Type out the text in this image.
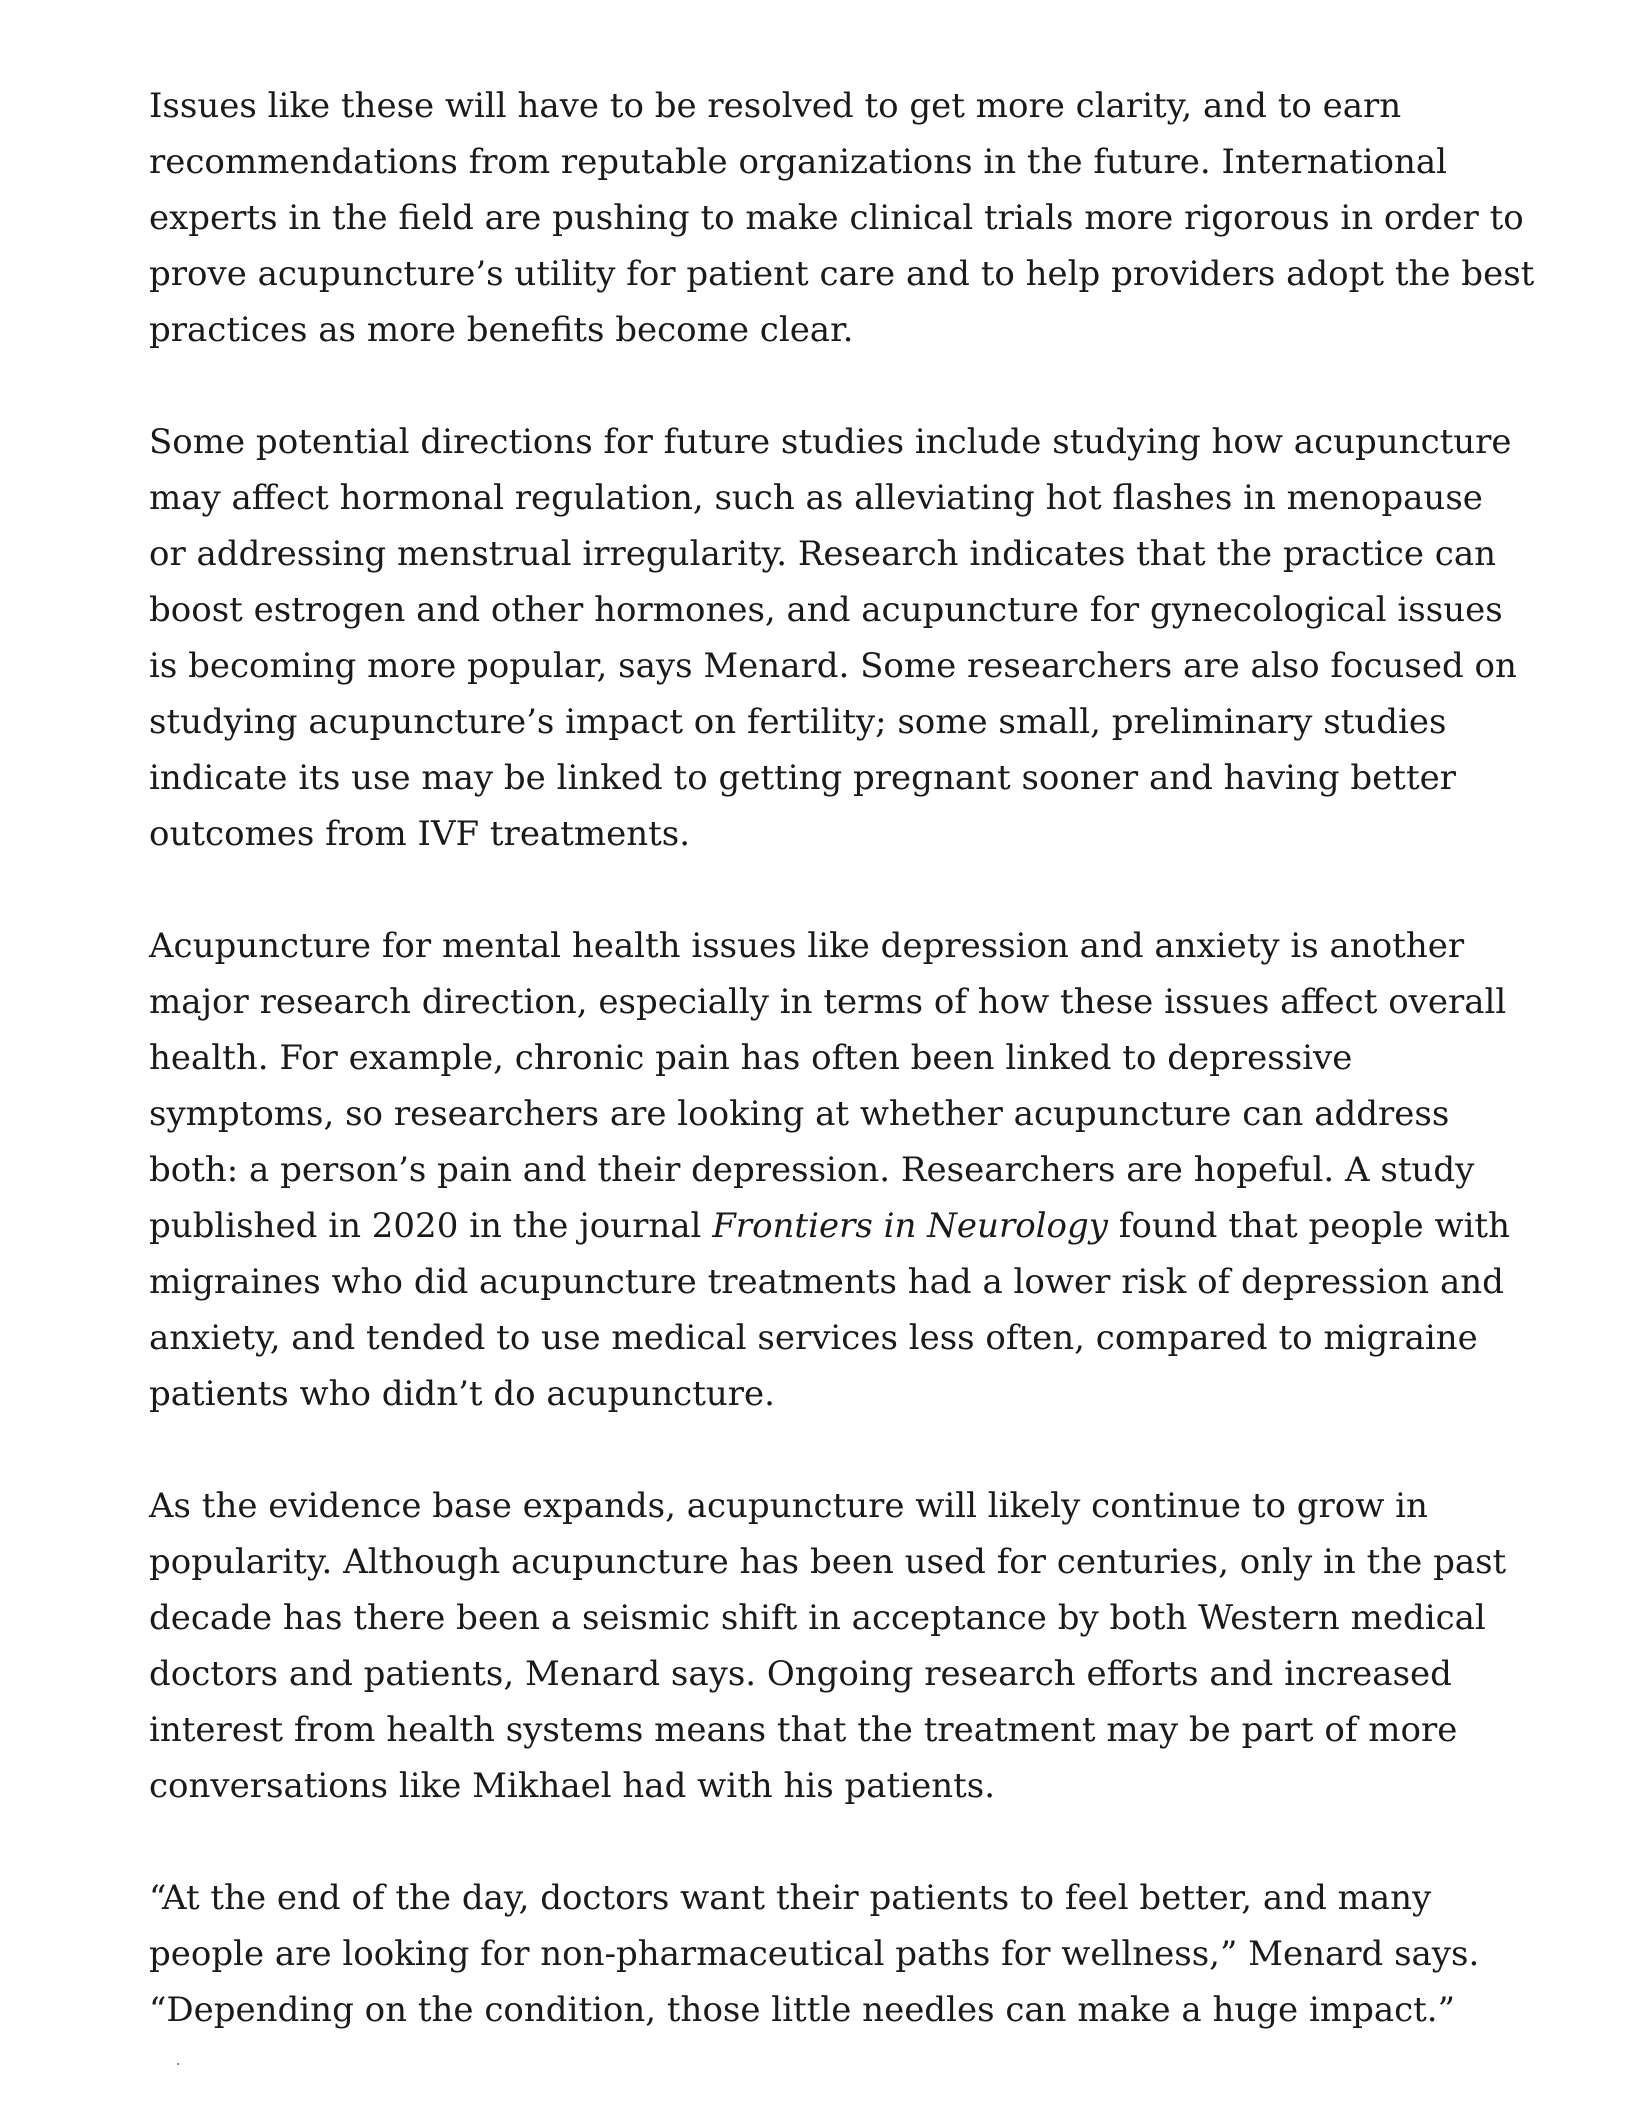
Issues like these will have to be resolved to get more clarity, and to earn
recommendations from reputable organizations in the future. International
experts in the field are pushing to make clinical trials more rigorous in order to
prove acupuncture’s utility for patient care and to help providers adopt the best
practices as more benefits become clear.

Some potential directions for future studies include studying how acupuncture
may affect hormonal regulation, such as alleviating hot flashes in menopause
or addressing menstrual irregularity. Research indicates that the practice can
boost estrogen and other hormones, and acupuncture for gynecological issues
is becoming more popular, says Menard. Some researchers are also focused on
studying acupuncture’s impact on fertility; some small, preliminary studies
indicate its use may be linked to getting pregnant sooner and having better
outcomes from IVF treatments.

Acupuncture for mental health issues like depression and anxiety is another
major research direction, especially in terms of how these issues affect overall
health. For example, chronic pain has often been linked to depressive
symptoms, so researchers are looking at whether acupuncture can address
both: a person’s pain and their depression. Researchers are hopeful. A study
published in 2020 in the journal Frontiers in Neurology found that people with
migraines who did acupuncture treatments had a lower risk of depression and
anxiety, and tended to use medical services less often, compared to migraine
patients who didn’t do acupuncture.

As the evidence base expands, acupuncture will likely continue to grow in
popularity. Although acupuncture has been used for centuries, only in the past
decade has there been a seismic shift in acceptance by both Western medical
doctors and patients, Menard says. Ongoing research efforts and increased
interest from health systems means that the treatment may be part of more
conversations like Mikhael had with his patients.

“At the end of the day, doctors want their patients to feel better, and many
people are looking for non-pharmaceutical paths for wellness,” Menard says.
“Depending on the condition, those little needles can make a huge impact.”
